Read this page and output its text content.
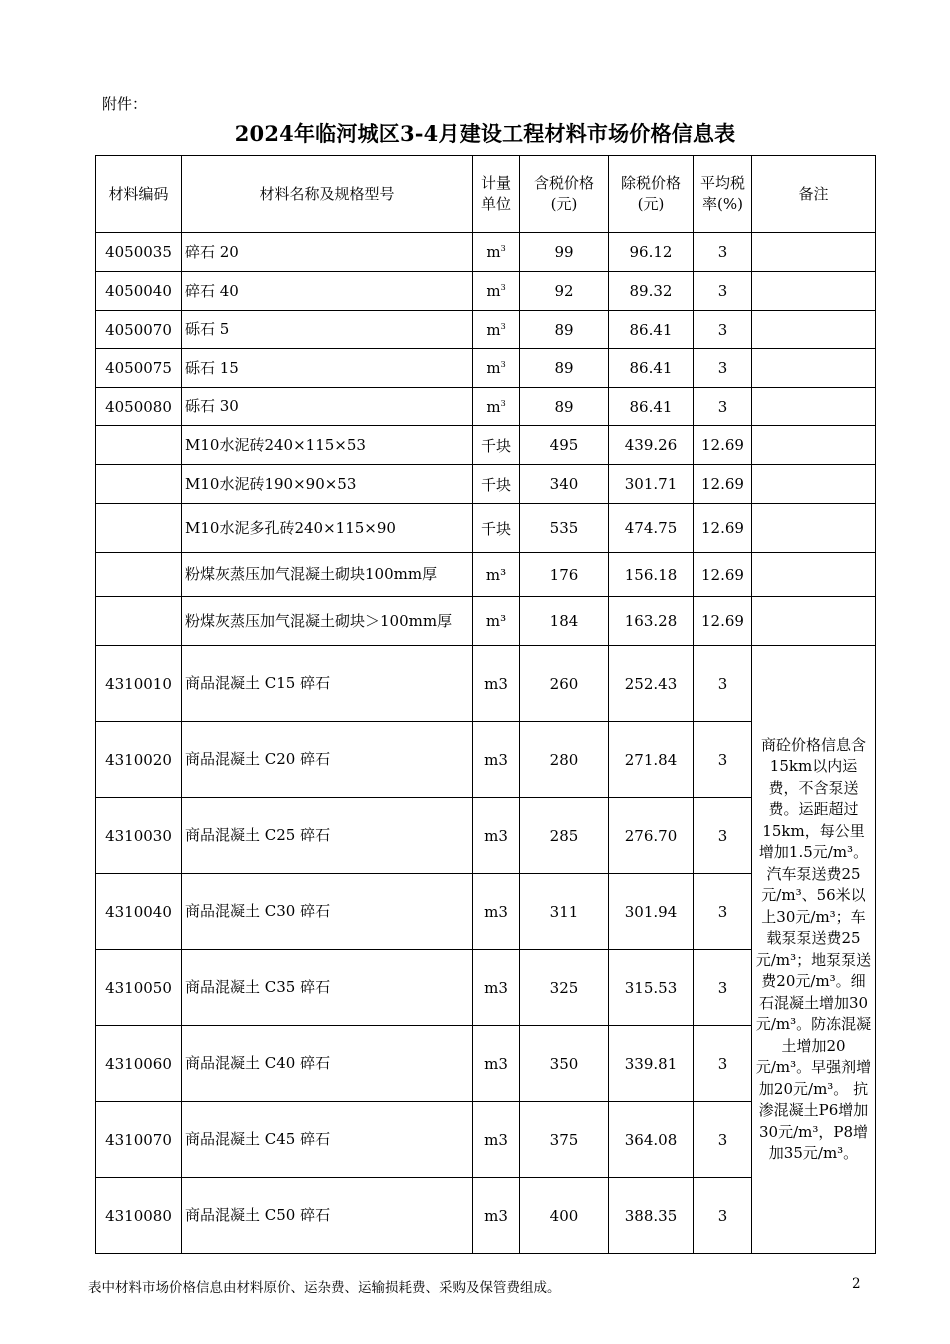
附件：
2024年临河城区3-4月建设工程材料市场价格信息表
材料编码	材料名称及规格型号	计量单位	含税价格(元)	除税价格(元)	平均税率(%)	备注
4050035	碎石 20	$m^3$	99	96.12	3	
4050040	碎石 40	$m^3$	92	89.32	3	
4050070	砾石 5	$m^3$	89	86.41	3	
4050075	砾石 15	$m^3$	89	86.41	3	
4050080	砾石 30	$m^3$	89	86.41	3	
	M10水泥砖240×115×53	千块	495	439.26	12.69	
	M10水泥砖190×90×53	千块	340	301.71	12.69	
	M10水泥多孔砖240×115×90	千块	535	474.75	12.69	
	粉煤灰蒸压加气混凝土砌块100mm厚	m³	176	156.18	12.69	
	粉煤灰蒸压加气混凝土砌块＞100mm厚	m³	184	163.28	12.69	
4310010	商品混凝土 C15 碎石	m3	260	252.43	3	商砼价格信息含15km以内运费，不含泵送费。运距超过15km，每公里增加1.5元/m³。汽车泵送费25元/m³、56米以上30元/m³；车载泵泵送费25元/m³；地泵泵送费20元/m³。细石混凝土增加30元/m³。防冻混凝土增加20元/m³。早强剂增加20元/m³。 抗渗混凝土P6增加30元/m³，P8增加35元/m³。
4310020	商品混凝土 C20 碎石	m3	280	271.84	3	
4310030	商品混凝土 C25 碎石	m3	285	276.70	3	
4310040	商品混凝土 C30 碎石	m3	311	301.94	3	
4310050	商品混凝土 C35 碎石	m3	325	315.53	3	
4310060	商品混凝土 C40 碎石	m3	350	339.81	3	
4310070	商品混凝土 C45 碎石	m3	375	364.08	3	
4310080	商品混凝土 C50 碎石	m3	400	388.35	3	
表中材料市场价格信息由材料原价、运杂费、运输损耗费、采购及保管费组成。	2
